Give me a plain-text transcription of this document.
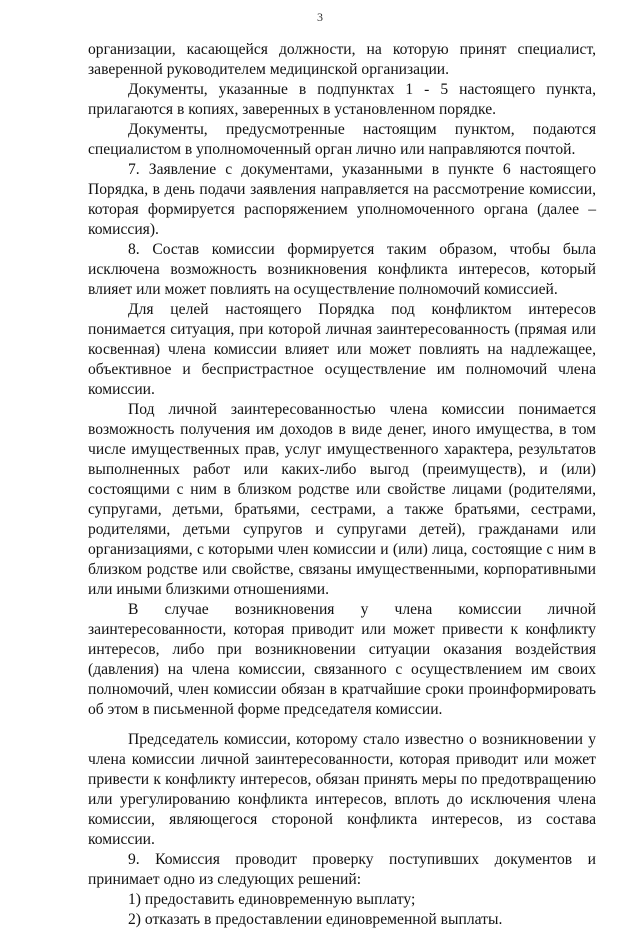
3

организации, касающейся должности, на которую принят специалист, заверенной руководителем медицинской организации.

Документы, указанные в подпунктах 1 - 5 настоящего пункта, прилагаются в копиях, заверенных в установленном порядке.

Документы, предусмотренные настоящим пунктом, подаются специалистом в уполномоченный орган лично или направляются почтой.

7. Заявление с документами, указанными в пункте 6 настоящего Порядка, в день подачи заявления направляется на рассмотрение комиссии, которая формируется распоряжением уполномоченного органа (далее – комиссия).

8. Состав комиссии формируется таким образом, чтобы была исключена возможность возникновения конфликта интересов, который влияет или может повлиять на осуществление полномочий комиссией.

Для целей настоящего Порядка под конфликтом интересов понимается ситуация, при которой личная заинтересованность (прямая или косвенная) члена комиссии влияет или может повлиять на надлежащее, объективное и беспристрастное осуществление им полномочий члена комиссии.

Под личной заинтересованностью члена комиссии понимается возможность получения им доходов в виде денег, иного имущества, в том числе имущественных прав, услуг имущественного характера, результатов выполненных работ или каких-либо выгод (преимуществ), и (или) состоящими с ним в близком родстве или свойстве лицами (родителями, супругами, детьми, братьями, сестрами, а также братьями, сестрами, родителями, детьми супругов и супругами детей), гражданами или организациями, с которыми член комиссии и (или) лица, состоящие с ним в близком родстве или свойстве, связаны имущественными, корпоративными или иными близкими отношениями.

В случае возникновения у члена комиссии личной заинтересованности, которая приводит или может привести к конфликту интересов, либо при возникновении ситуации оказания воздействия (давления) на члена комиссии, связанного с осуществлением им своих полномочий, член комиссии обязан в кратчайшие сроки проинформировать об этом в письменной форме председателя комиссии.

Председатель комиссии, которому стало известно о возникновении у члена комиссии личной заинтересованности, которая приводит или может привести к конфликту интересов, обязан принять меры по предотвращению или урегулированию конфликта интересов, вплоть до исключения члена комиссии, являющегося стороной конфликта интересов, из состава комиссии.

9. Комиссия проводит проверку поступивших документов и принимает одно из следующих решений:

1) предоставить единовременную выплату;

2) отказать в предоставлении единовременной выплаты.
